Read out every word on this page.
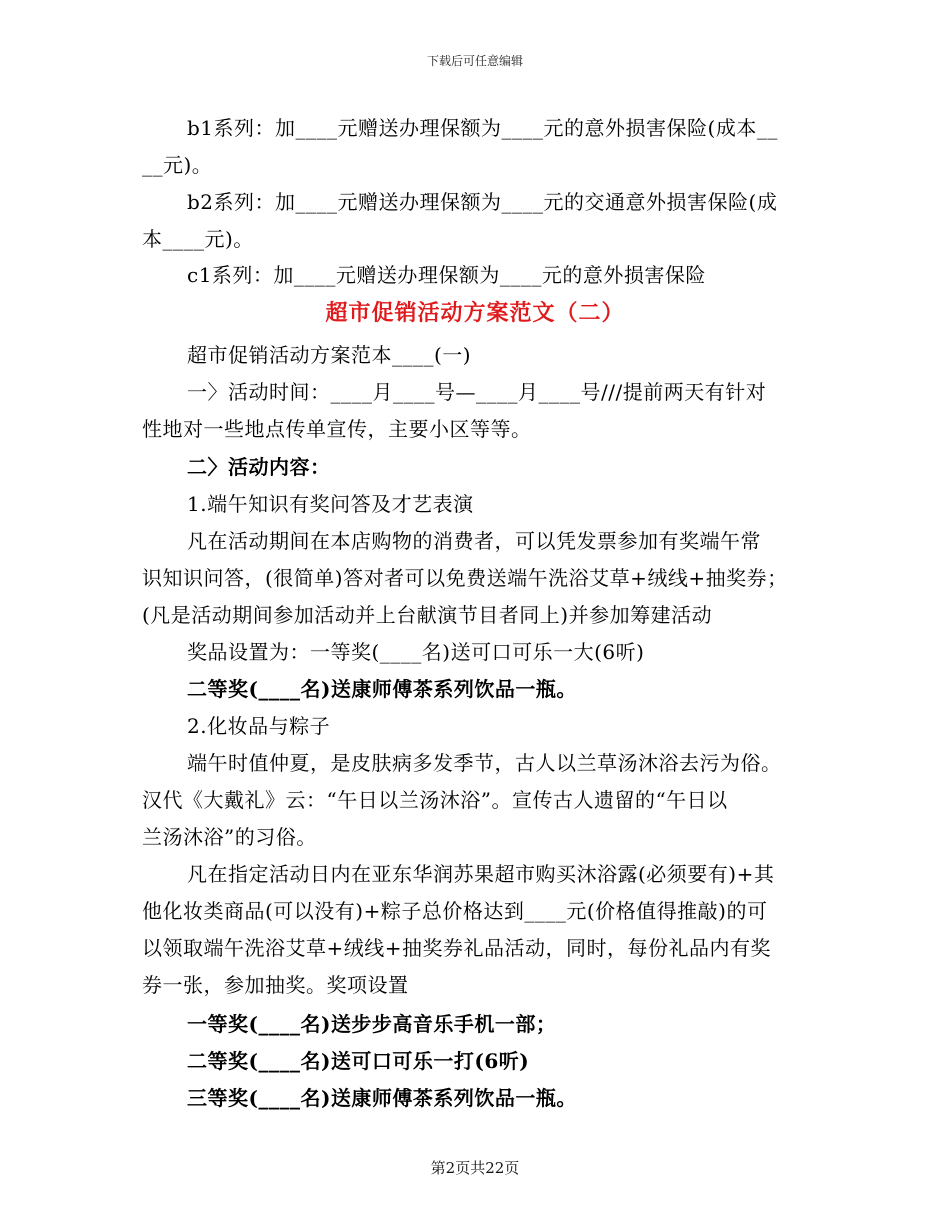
下载后可任意编辑
b1系列：加____元赠送办理保额为____元的意外损害保险(成本__
__元)。
b2系列：加____元赠送办理保额为____元的交通意外损害保险(成
本____元)。
c1系列：加____元赠送办理保额为____元的意外损害保险
超市促销活动方案范文（二）
超市促销活动方案范本____(一)
一〉活动时间：____月____号—____月____号///提前两天有针对
性地对一些地点传单宣传，主要小区等等。
二〉活动内容：
1.端午知识有奖问答及才艺表演
凡在活动期间在本店购物的消费者，可以凭发票参加有奖端午常
识知识问答，(很简单)答对者可以免费送端午洗浴艾草+绒线+抽奖券；
(凡是活动期间参加活动并上台献演节目者同上)并参加筹建活动
奖品设置为：一等奖(____名)送可口可乐一大(6听)
二等奖(____名)送康师傅茶系列饮品一瓶。
2.化妆品与粽子
端午时值仲夏，是皮肤病多发季节，古人以兰草汤沐浴去污为俗。
汉代《大戴礼》云：“午日以兰汤沐浴”。宣传古人遗留的“午日以
兰汤沐浴”的习俗。
凡在指定活动日内在亚东华润苏果超市购买沐浴露(必须要有)+其
他化妆类商品(可以没有)+粽子总价格达到____元(价格值得推敲)的可
以领取端午洗浴艾草+绒线+抽奖券礼品活动，同时，每份礼品内有奖
券一张，参加抽奖。奖项设置
一等奖(____名)送步步高音乐手机一部；
二等奖(____名)送可口可乐一打(6听)
三等奖(____名)送康师傅茶系列饮品一瓶。
第2页共22页
